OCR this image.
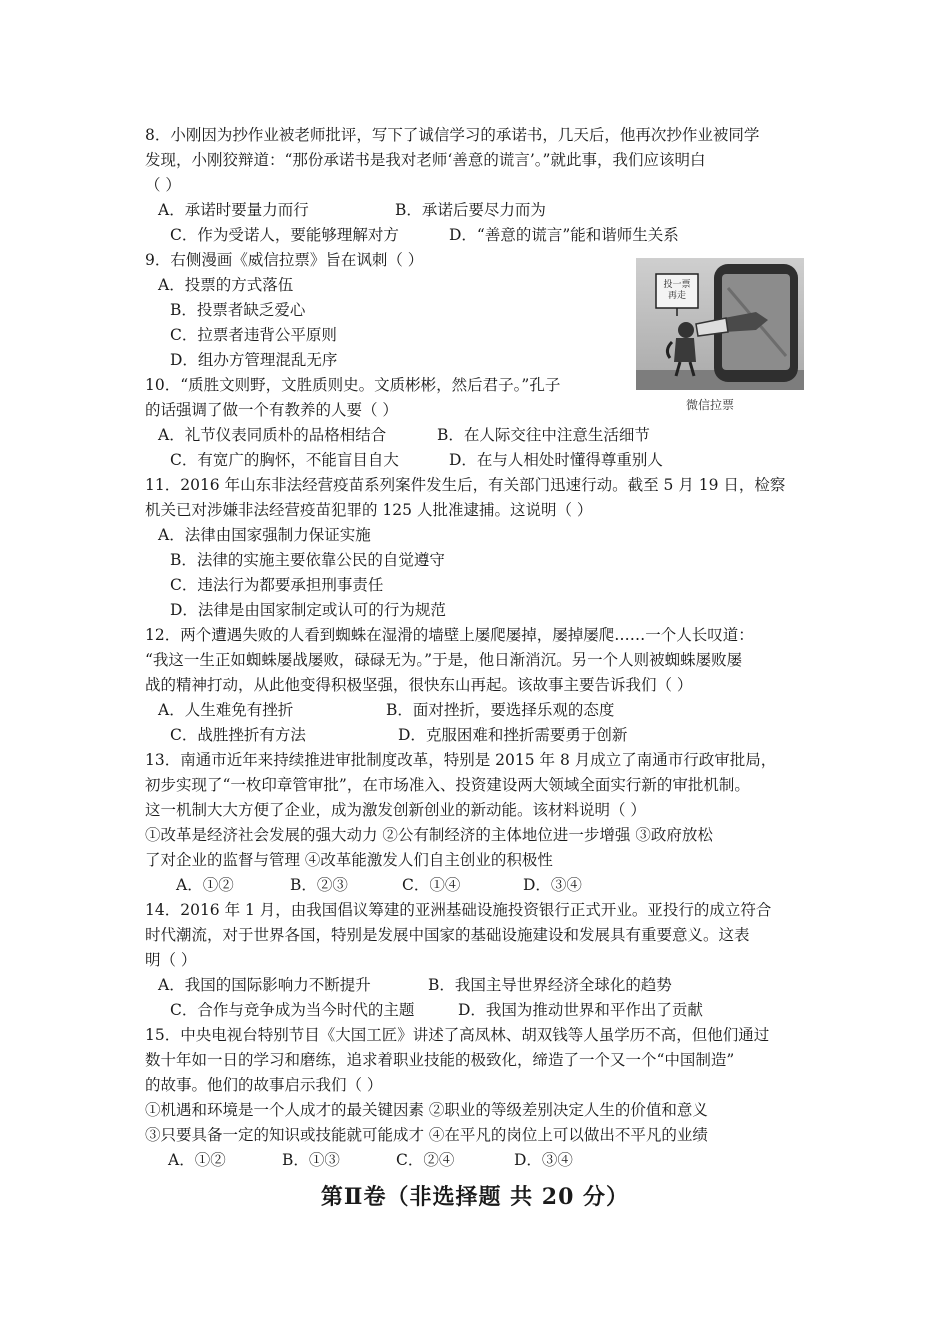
8．小刚因为抄作业被老师批评，写下了诚信学习的承诺书，几天后，他再次抄作业被同学
发现，小刚狡辩道：“那份承诺书是我对老师‘善意的谎言’。”就此事，我们应该明白
（ ）
A．承诺时要量力而行	B．承诺后要尽力而为
C．作为受诺人，要能够理解对方	D．“善意的谎言”能和谐师生关系
9．右侧漫画《威信拉票》旨在讽刺（ ）
A．投票的方式落伍
B．投票者缺乏爱心
C．拉票者违背公平原则
D．组办方管理混乱无序
投一票再走
微信拉票
10．“质胜文则野，文胜质则史。文质彬彬，然后君子。”孔子
的话强调了做一个有教养的人要（ ）
A．礼节仪表同质朴的品格相结合	B．在人际交往中注意生活细节
C．有宽广的胸怀，不能盲目自大	D．在与人相处时懂得尊重别人
11．2016 年山东非法经营疫苗系列案件发生后，有关部门迅速行动。截至 5 月 19 日，检察
机关已对涉嫌非法经营疫苗犯罪的 125 人批准逮捕。这说明（ ）
A．法律由国家强制力保证实施
B．法律的实施主要依靠公民的自觉遵守
C．违法行为都要承担刑事责任
D．法律是由国家制定或认可的行为规范
12．两个遭遇失败的人看到蜘蛛在湿滑的墙壁上屡爬屡掉，屡掉屡爬……一个人长叹道：
“我这一生正如蜘蛛屡战屡败，碌碌无为。”于是，他日渐消沉。另一个人则被蜘蛛屡败屡
战的精神打动，从此他变得积极坚强，很快东山再起。该故事主要告诉我们（ ）
A．人生难免有挫折	B．面对挫折，要选择乐观的态度
C．战胜挫折有方法	D．克服困难和挫折需要勇于创新
13．南通市近年来持续推进审批制度改革，特别是 2015 年 8 月成立了南通市行政审批局，
初步实现了“一枚印章管审批”，在市场准入、投资建设两大领域全面实行新的审批机制。
这一机制大大方便了企业，成为激发创新创业的新动能。该材料说明（ ）
①改革是经济社会发展的强大动力 ②公有制经济的主体地位进一步增强 ③政府放松
了对企业的监督与管理 ④改革能激发人们自主创业的积极性
A．①②	B．②③	C．①④	D．③④
14．2016 年 1 月，由我国倡议筹建的亚洲基础设施投资银行正式开业。亚投行的成立符合
时代潮流，对于世界各国，特别是发展中国家的基础设施建设和发展具有重要意义。这表
明（ ）
A．我国的国际影响力不断提升	B．我国主导世界经济全球化的趋势
C．合作与竞争成为当今时代的主题	D．我国为推动世界和平作出了贡献
15．中央电视台特别节目《大国工匠》讲述了高凤林、胡双钱等人虽学历不高，但他们通过
数十年如一日的学习和磨练，追求着职业技能的极致化，缔造了一个又一个“中国制造”
的故事。他们的故事启示我们（ ）
①机遇和环境是一个人成才的最关键因素 ②职业的等级差别决定人生的价值和意义
③只要具备一定的知识或技能就可能成才 ④在平凡的岗位上可以做出不平凡的业绩
A．①②	B．①③	C．②④	D．③④
第Ⅱ卷（非选择题 共 20 分）
